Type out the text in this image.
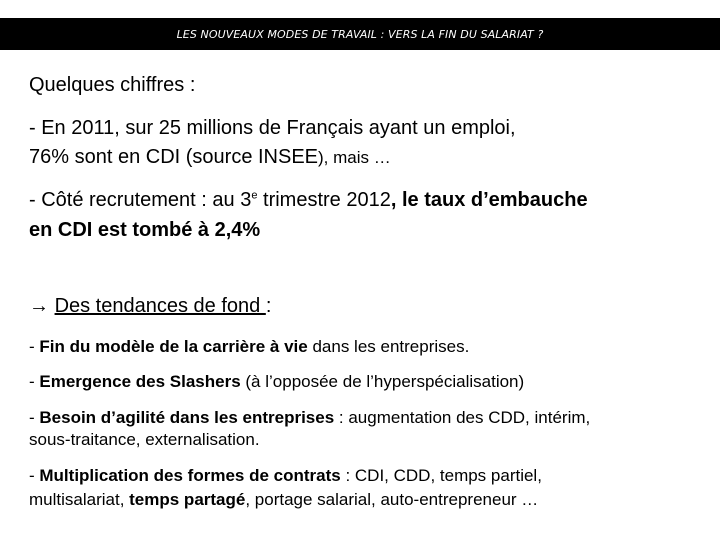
LES NOUVEAUX MODES DE TRAVAIL : VERS LA FIN DU SALARIAT ?
Quelques chiffres :
- En 2011, sur 25 millions de Français ayant un emploi,
76% sont en CDI (source INSEE), mais …
- Côté recrutement : au 3e trimestre 2012, le taux d’embauche
en CDI est tombé à 2,4%
→ Des tendances de fond :
- Fin du modèle de la carrière à vie dans les entreprises.
- Emergence des Slashers (à l’opposée de l’hyperspécialisation)
- Besoin d’agilité dans les entreprises : augmentation des CDD, intérim,
sous-traitance, externalisation.
- Multiplication des formes de contrats : CDI, CDD, temps partiel,
multisalariat, temps partagé, portage salarial, auto-entrepreneur …
